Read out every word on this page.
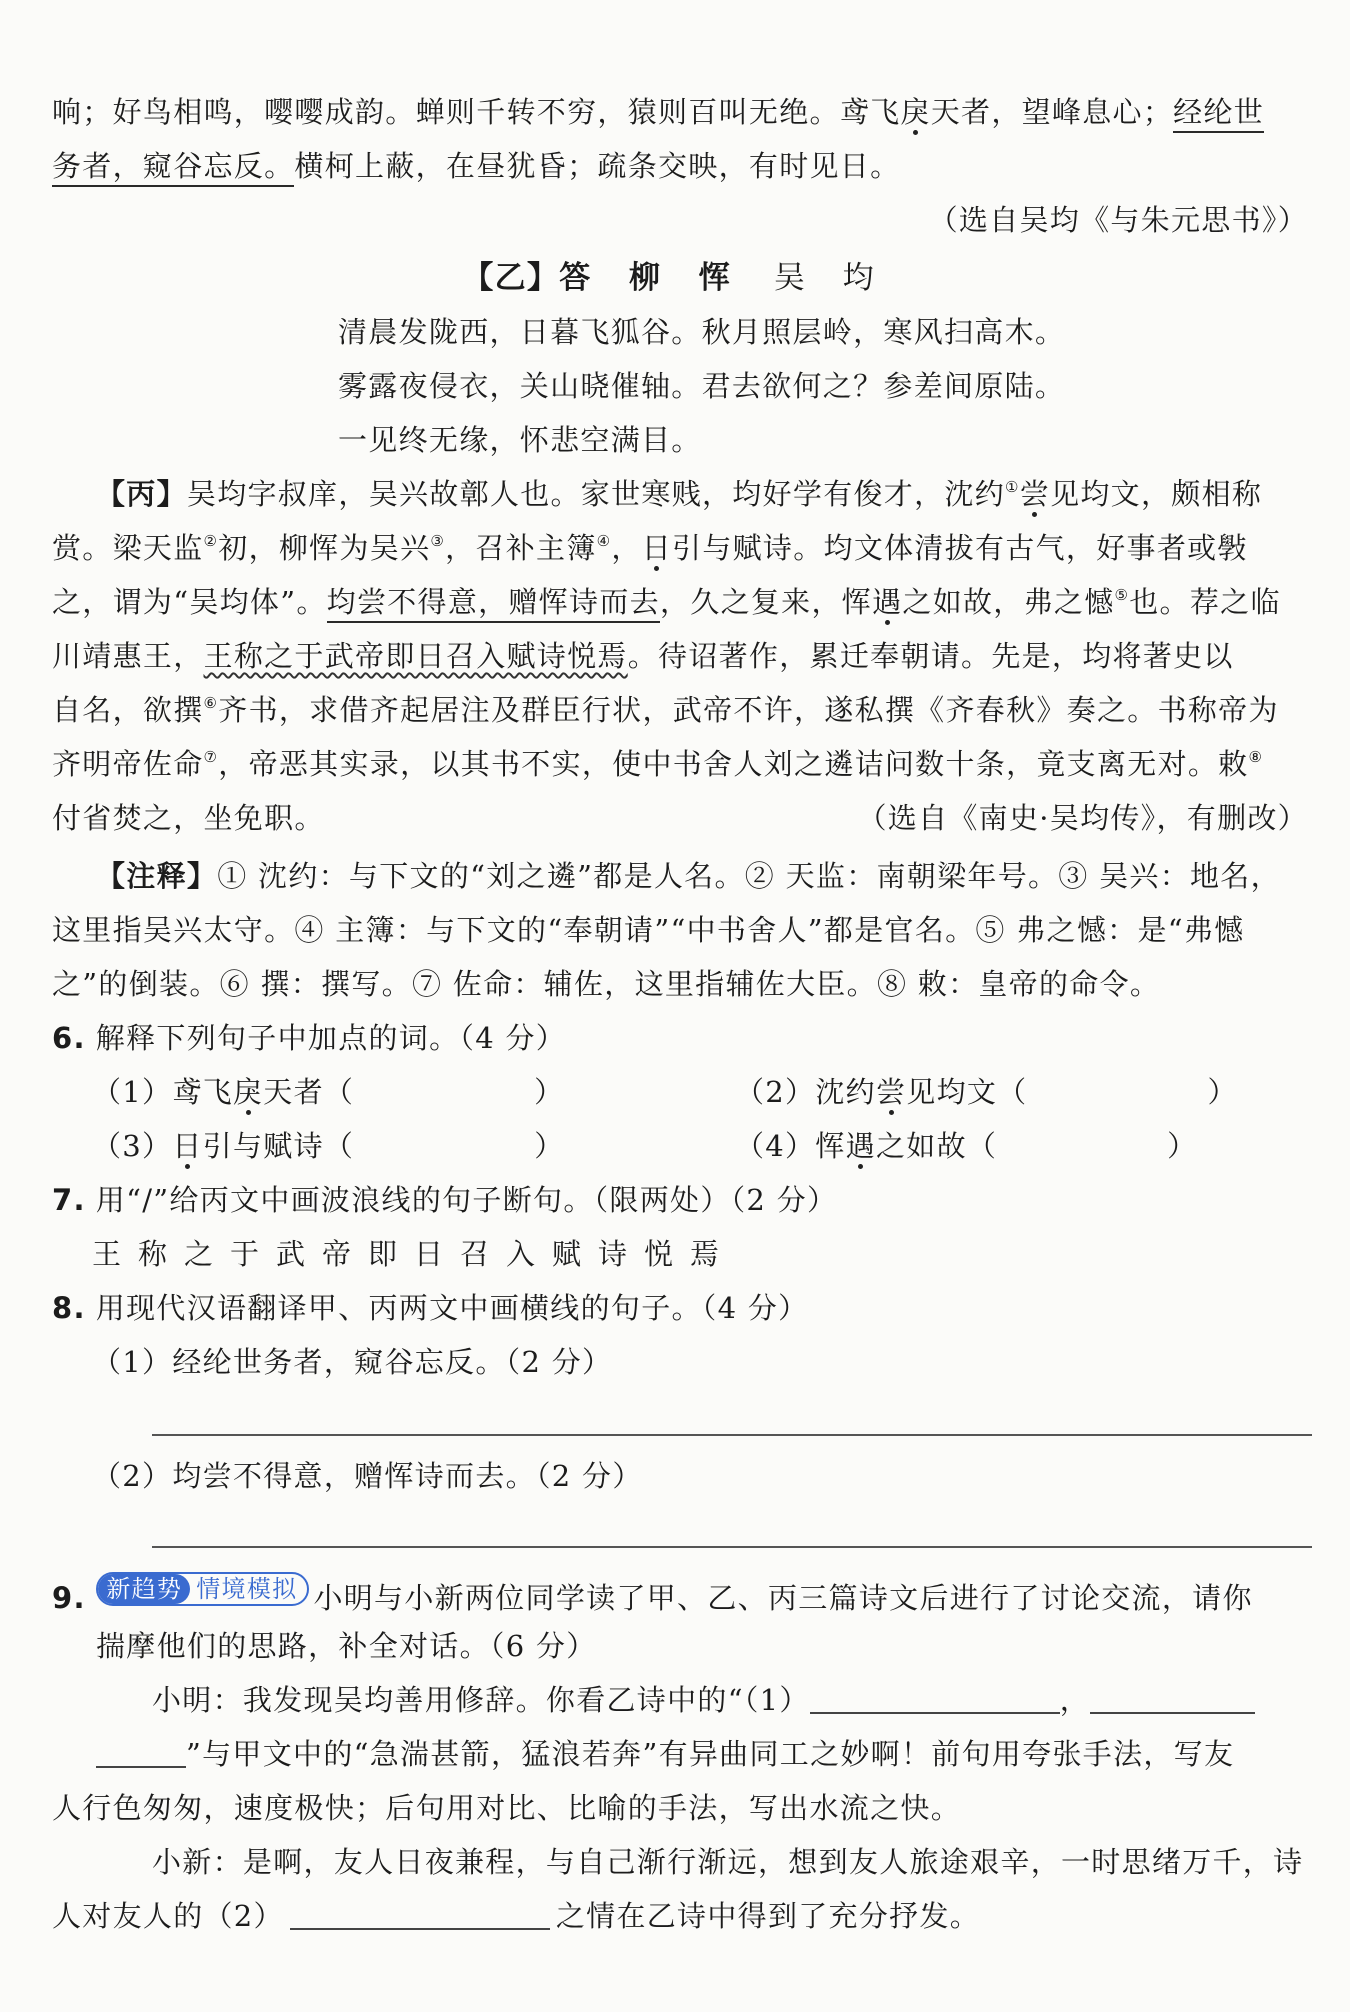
响；好鸟相鸣，嘤嘤成韵。蝉则千转不穷，猿则百叫无绝。鸢飞戾天者，望峰息心；经纶世
务者，窥谷忘反。横柯上蔽，在昼犹昏；疏条交映，有时见日。
（选自吴均《与朱元思书》）
【乙】答 柳 恽 吴 均
清晨发陇西，日暮飞狐谷。秋月照层岭，寒风扫高木。
雾露夜侵衣，关山晓催轴。君去欲何之？参差间原陆。
一见终无缘，怀悲空满目。
【丙】吴均字叔庠，吴兴故鄣人也。家世寒贱，均好学有俊才，沈约①尝见均文，颇相称
赏。梁天监②初，柳恽为吴兴③，召补主簿④，日引与赋诗。均文体清拔有古气，好事者或斅
之，谓为“吴均体”。均尝不得意，赠恽诗而去，久之复来，恽遇之如故，弗之憾⑤也。荐之临
川靖惠王，王称之于武帝即日召入赋诗悦焉。待诏著作，累迁奉朝请。先是，均将著史以
自名，欲撰⑥齐书，求借齐起居注及群臣行状，武帝不许，遂私撰《齐春秋》奏之。书称帝为
齐明帝佐命⑦，帝恶其实录，以其书不实，使中书舍人刘之遴诘问数十条，竟支离无对。敕⑧
付省焚之，坐免职。	（选自《南史·吴均传》，有删改）
【注释】① 沈约：与下文的“刘之遴”都是人名。② 天监：南朝梁年号。③ 吴兴：地名，
这里指吴兴太守。④ 主簿：与下文的“奉朝请”“中书舍人”都是官名。⑤ 弗之憾：是“弗憾
之”的倒装。⑥ 撰：撰写。⑦ 佐命：辅佐，这里指辅佐大臣。⑧ 敕：皇帝的命令。
6. 解释下列句子中加点的词。（4 分）
（1）鸢飞戾天者（	）	（2）沈约尝见均文（	）
（3）日引与赋诗（	）	（4）恽遇之如故（	）
7. 用“/”给丙文中画波浪线的句子断句。（限两处）（2 分）
王称之于武帝即日召入赋诗悦焉
8. 用现代汉语翻译甲、丙两文中画横线的句子。（4 分）
（1）经纶世务者，窥谷忘反。（2 分）
（2）均尝不得意，赠恽诗而去。（2 分）
9. 新趋势 情境模拟 小明与小新两位同学读了甲、乙、丙三篇诗文后进行了讨论交流，请你
揣摩他们的思路，补全对话。（6 分）
小明：我发现吴均善用修辞。你看乙诗中的“（1）	，
”与甲文中的“急湍甚箭，猛浪若奔”有异曲同工之妙啊！前句用夸张手法，写友
人行色匆匆，速度极快；后句用对比、比喻的手法，写出水流之快。
小新：是啊，友人日夜兼程，与自己渐行渐远，想到友人旅途艰辛，一时思绪万千，诗
人对友人的（2）	之情在乙诗中得到了充分抒发。
